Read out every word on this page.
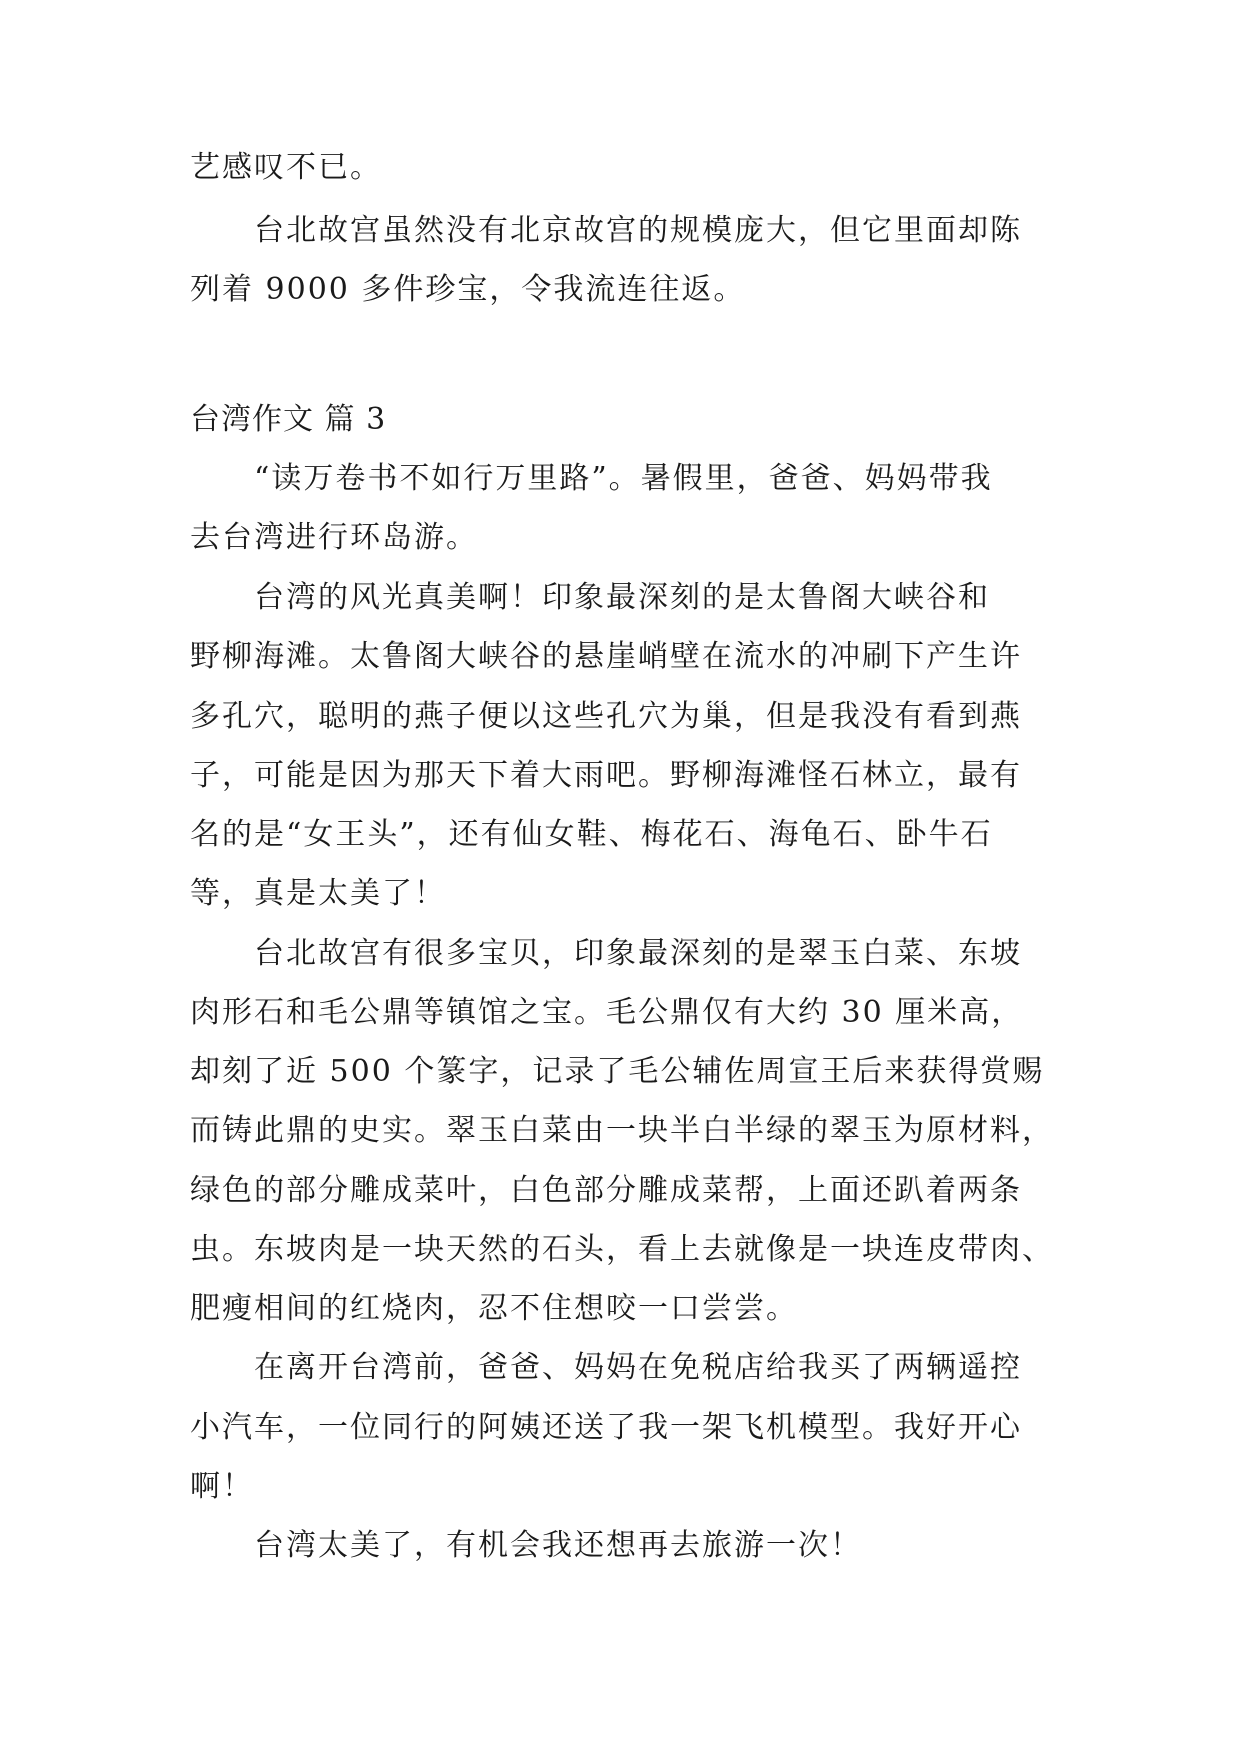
艺感叹不已。
台北故宫虽然没有北京故宫的规模庞大，但它里面却陈
列着 9000 多件珍宝，令我流连往返。
台湾作文 篇 3
“读万卷书不如行万里路”。暑假里，爸爸、妈妈带我
去台湾进行环岛游。
台湾的风光真美啊！印象最深刻的是太鲁阁大峡谷和
野柳海滩。太鲁阁大峡谷的悬崖峭壁在流水的冲刷下产生许
多孔穴，聪明的燕子便以这些孔穴为巢，但是我没有看到燕
子，可能是因为那天下着大雨吧。野柳海滩怪石林立，最有
名的是“女王头”，还有仙女鞋、梅花石、海龟石、卧牛石
等，真是太美了！
台北故宫有很多宝贝，印象最深刻的是翠玉白菜、东坡
肉形石和毛公鼎等镇馆之宝。毛公鼎仅有大约 30 厘米高，
却刻了近 500 个篆字，记录了毛公辅佐周宣王后来获得赏赐
而铸此鼎的史实。翠玉白菜由一块半白半绿的翠玉为原材料，
绿色的部分雕成菜叶，白色部分雕成菜帮，上面还趴着两条
虫。东坡肉是一块天然的石头，看上去就像是一块连皮带肉、
肥瘦相间的红烧肉，忍不住想咬一口尝尝。
在离开台湾前，爸爸、妈妈在免税店给我买了两辆遥控
小汽车，一位同行的阿姨还送了我一架飞机模型。我好开心
啊！
台湾太美了，有机会我还想再去旅游一次！
